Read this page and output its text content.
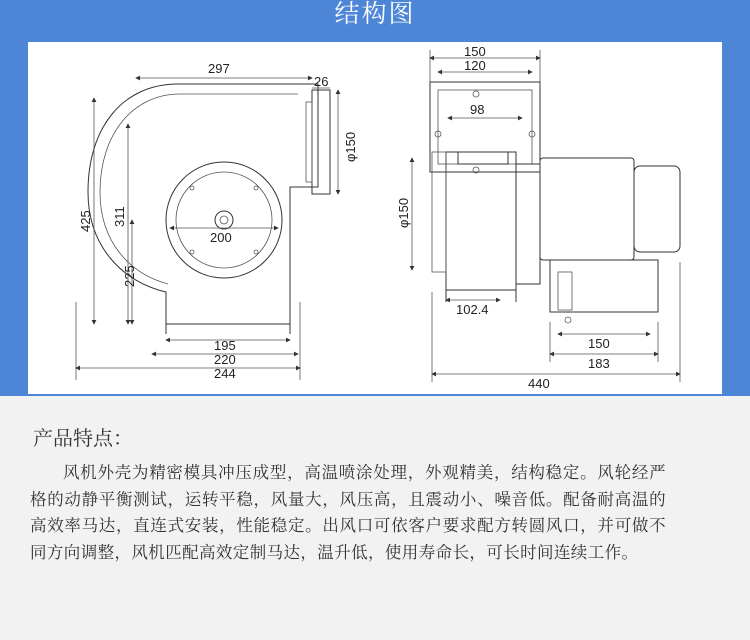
结构图
297
26
φ150
425 311
225
200
195
220
244
150
120
98
φ150
102.4
150
183
440
产品特点：
风机外壳为精密模具冲压成型，高温喷涂处理，外观精美，结构稳定。风轮经严格的动静平衡测试，运转平稳，风量大，风压高，且震动小、噪音低。配备耐高温的高效率马达，直连式安装，性能稳定。出风口可依客户要求配方转圆风口，并可做不同方向调整，风机匹配高效定制马达，温升低，使用寿命长，可长时间连续工作。
